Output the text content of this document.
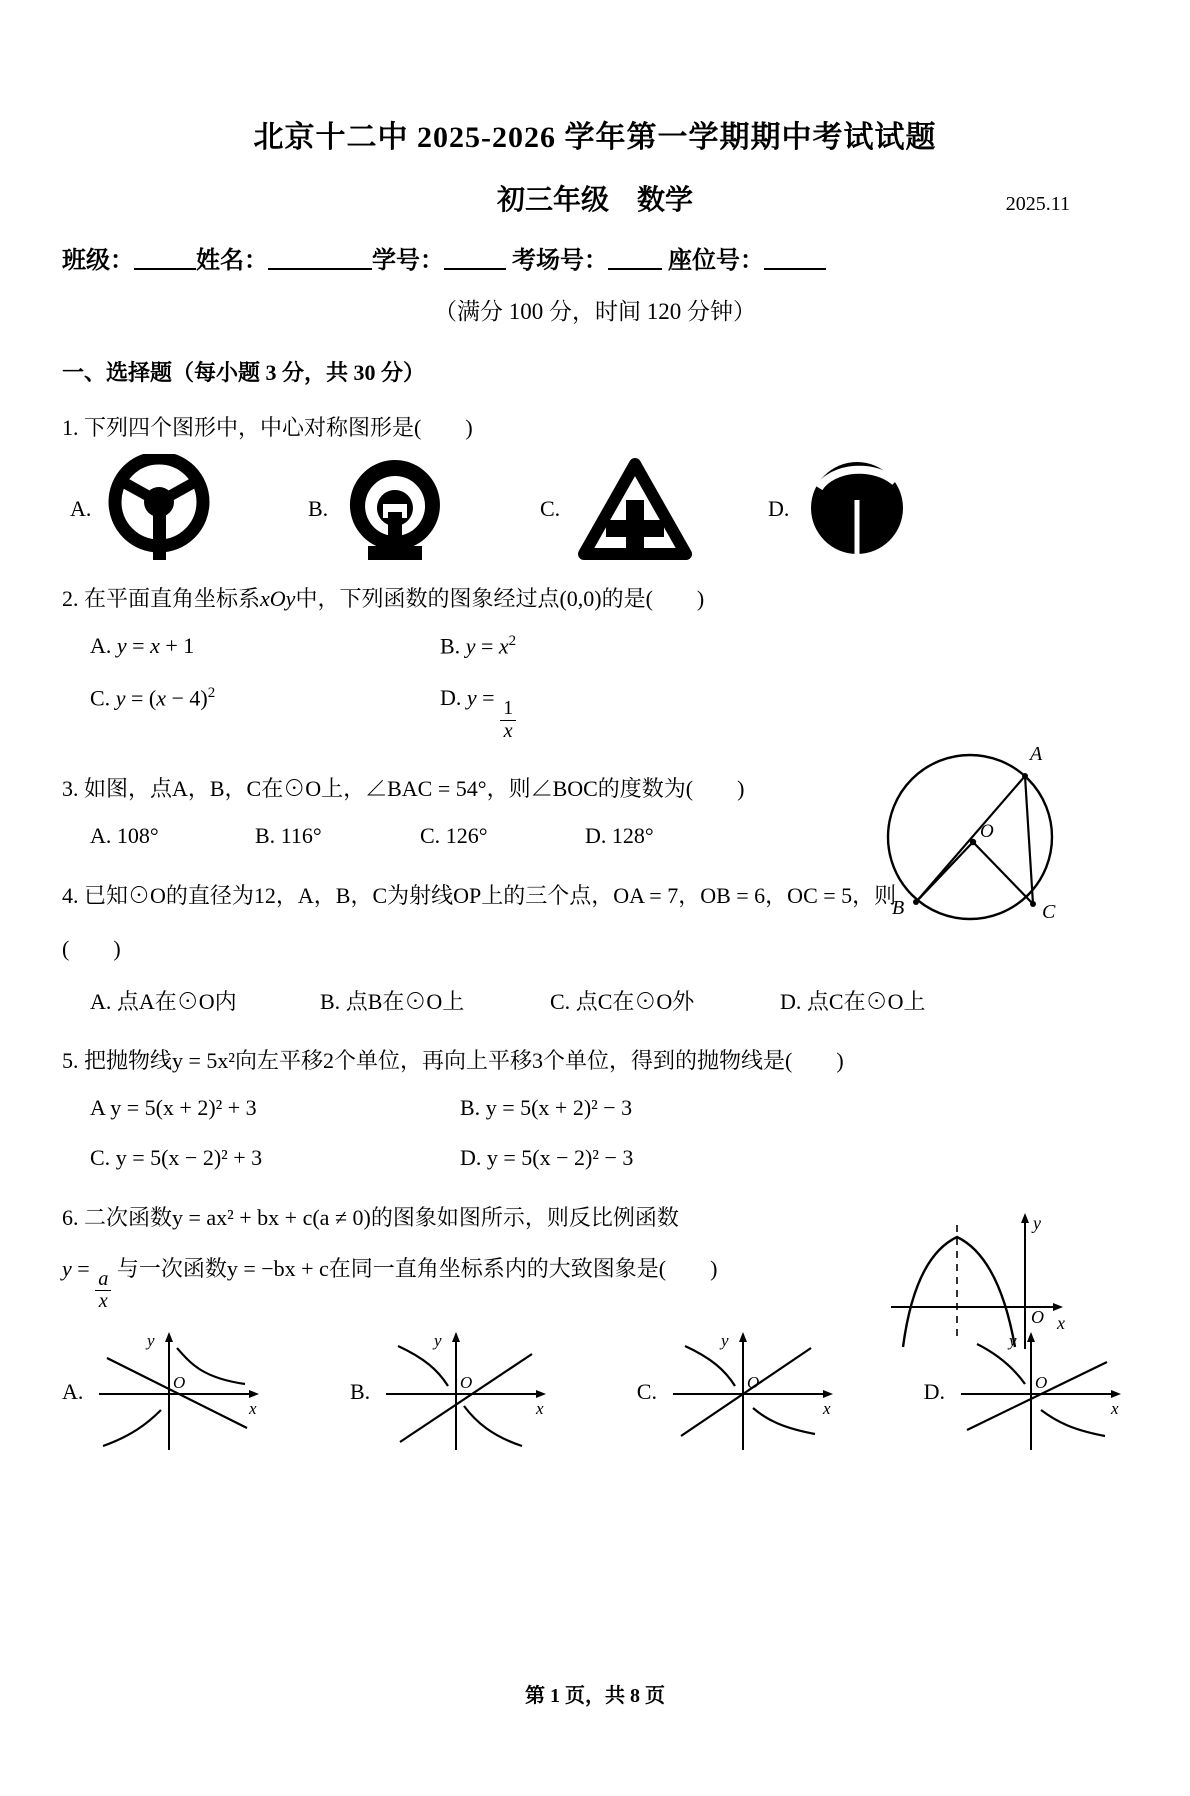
北京十二中 2025-2026 学年第一学期期中考试试题
初三年级　数学	2025.11
班级：	姓名：	学号：	考场号：	座位号：
（满分 100 分，时间 120 分钟）
一、选择题（每小题 3 分，共 30 分）
1. 下列四个图形中，中心对称图形是(　　)
A.	B.	C.	D.
2. 在平面直角坐标系xOy中，下列函数的图象经过点(0,0)的是(　　)
A. y = x + 1	B. $y = x^2$
C. $y = (x - 4)^2$	D. y =
$\frac{1}{x}$
A
O
B	C
3. 如图，点A，B，C在⊙O上，∠BAC = 54°，则∠BOC的度数为(　　)
A. 108°	B. 116°	C. 126°	D. 128°
4. 已知⊙O的直径为12，A，B，C为射线OP上的三个点，OA = 7，OB = 6，OC = 5，则
(　　)
A. 点A在⊙O内	B. 点B在⊙O上	C. 点C在⊙O外	D. 点C在⊙O上
5. 把抛物线y = 5x²向左平移2个单位，再向上平移3个单位，得到的抛物线是(　　)
A y = 5(x + 2)² + 3	B. y = 5(x + 2)² − 3
C. y = 5(x − 2)² + 3	D. y = 5(x − 2)² − 3
O x
y
6. 二次函数y = ax² + bx + c(a ≠ 0)的图象如图所示，则反比例函数
y =
$\frac{a}{x}$
与一次函数y = −bx + c在同一直角坐标系内的大致图象是(　　)
A.	O
x
y
B.	O
x
y
C.	O
x
y
D.	O
x
y
第 1 页，共 8 页
